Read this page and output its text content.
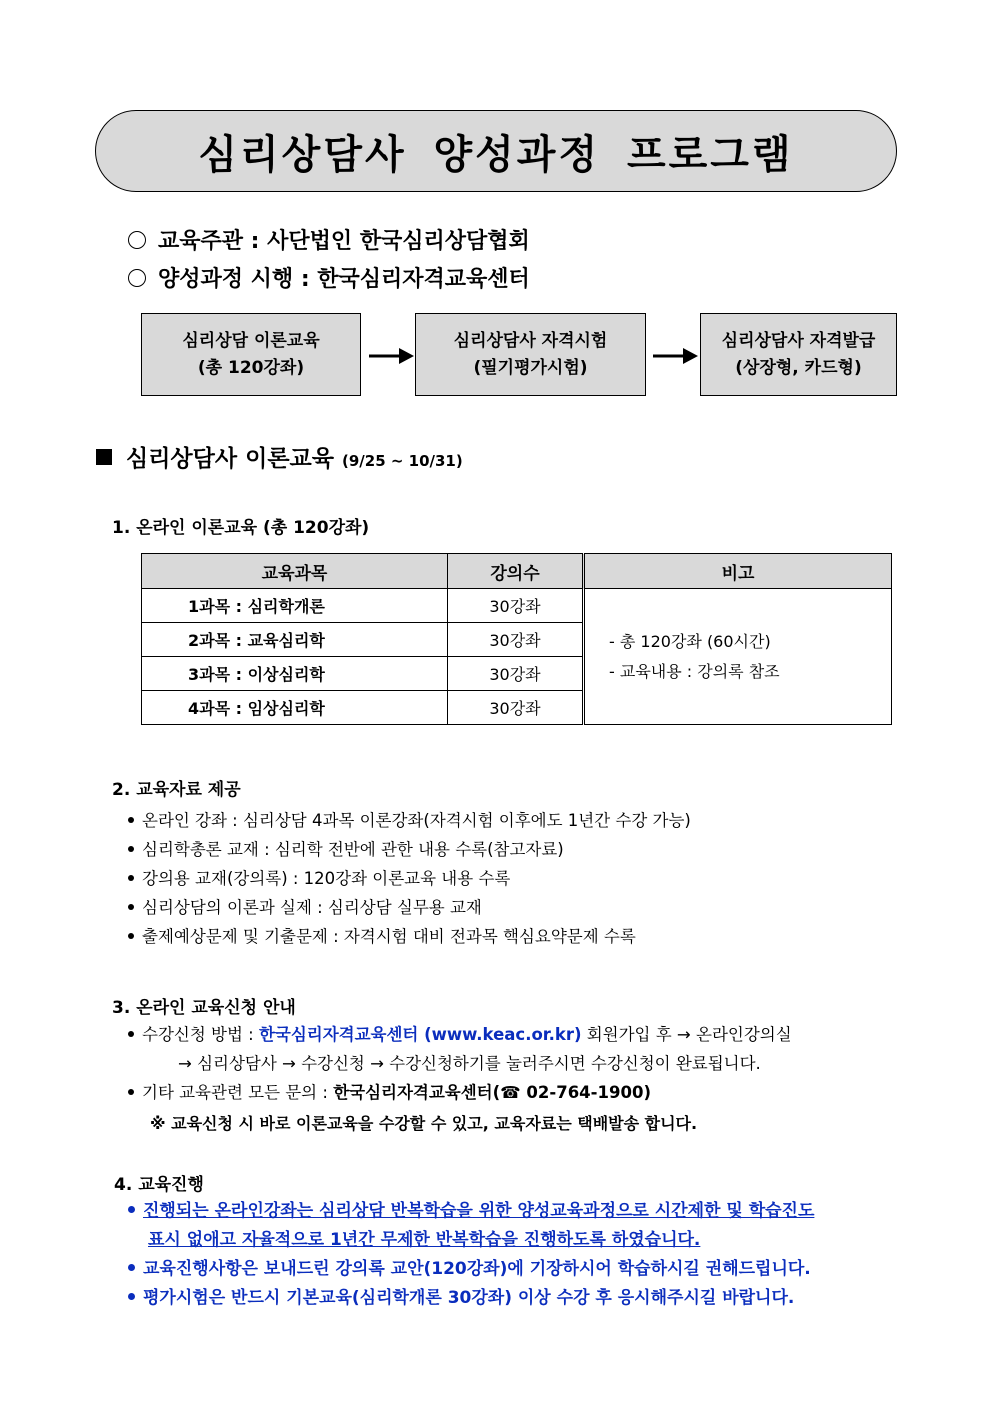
심리상담사 양성과정 프로그램
교육주관 : 사단법인 한국심리상담협회
양성과정 시행 : 한국심리자격교육센터
심리상담 이론교육
(총 120강좌)
심리상담사 자격시험
(필기평가시험)
심리상담사 자격발급
(상장형, 카드형)
심리상담사 이론교육 (9/25 ~ 10/31)
1. 온라인 이론교육 (총 120강좌)
교육과목	강의수	비고
1과목 : 심리학개론	30강좌	- 총 120강좌 (60시간)
- 교육내용 : 강의록 참조

2과목 : 교육심리학	30강좌	
3과목 : 이상심리학	30강좌	
4과목 : 임상심리학	30강좌	
2. 교육자료 제공
온라인 강좌 : 심리상담 4과목 이론강좌(자격시험 이후에도 1년간 수강 가능)
심리학총론 교재 : 심리학 전반에 관한 내용 수록(참고자료)
강의용 교재(강의록) : 120강좌 이론교육 내용 수록
심리상담의 이론과 실제 : 심리상담 실무용 교재
출제예상문제 및 기출문제 : 자격시험 대비 전과목 핵심요약문제 수록
3. 온라인 교육신청 안내
수강신청 방법 : 한국심리자격교육센터 (www.keac.or.kr) 회원가입 후 → 온라인강의실
→ 심리상담사 → 수강신청 → 수강신청하기를 눌러주시면 수강신청이 완료됩니다.
기타 교육관련 모든 문의 : 한국심리자격교육센터(☎ 02-764-1900)
※ 교육신청 시 바로 이론교육을 수강할 수 있고, 교육자료는 택배발송 합니다.
4. 교육진행
진행되는 온라인강좌는 심리상담 반복학습을 위한 양성교육과정으로 시간제한 및 학습진도
표시 없애고 자율적으로 1년간 무제한 반복학습을 진행하도록 하였습니다.
교육진행사항은 보내드린 강의록 교안(120강좌)에 기장하시어 학습하시길 권해드립니다.
평가시험은 반드시 기본교육(심리학개론 30강좌) 이상 수강 후 응시해주시길 바랍니다.
